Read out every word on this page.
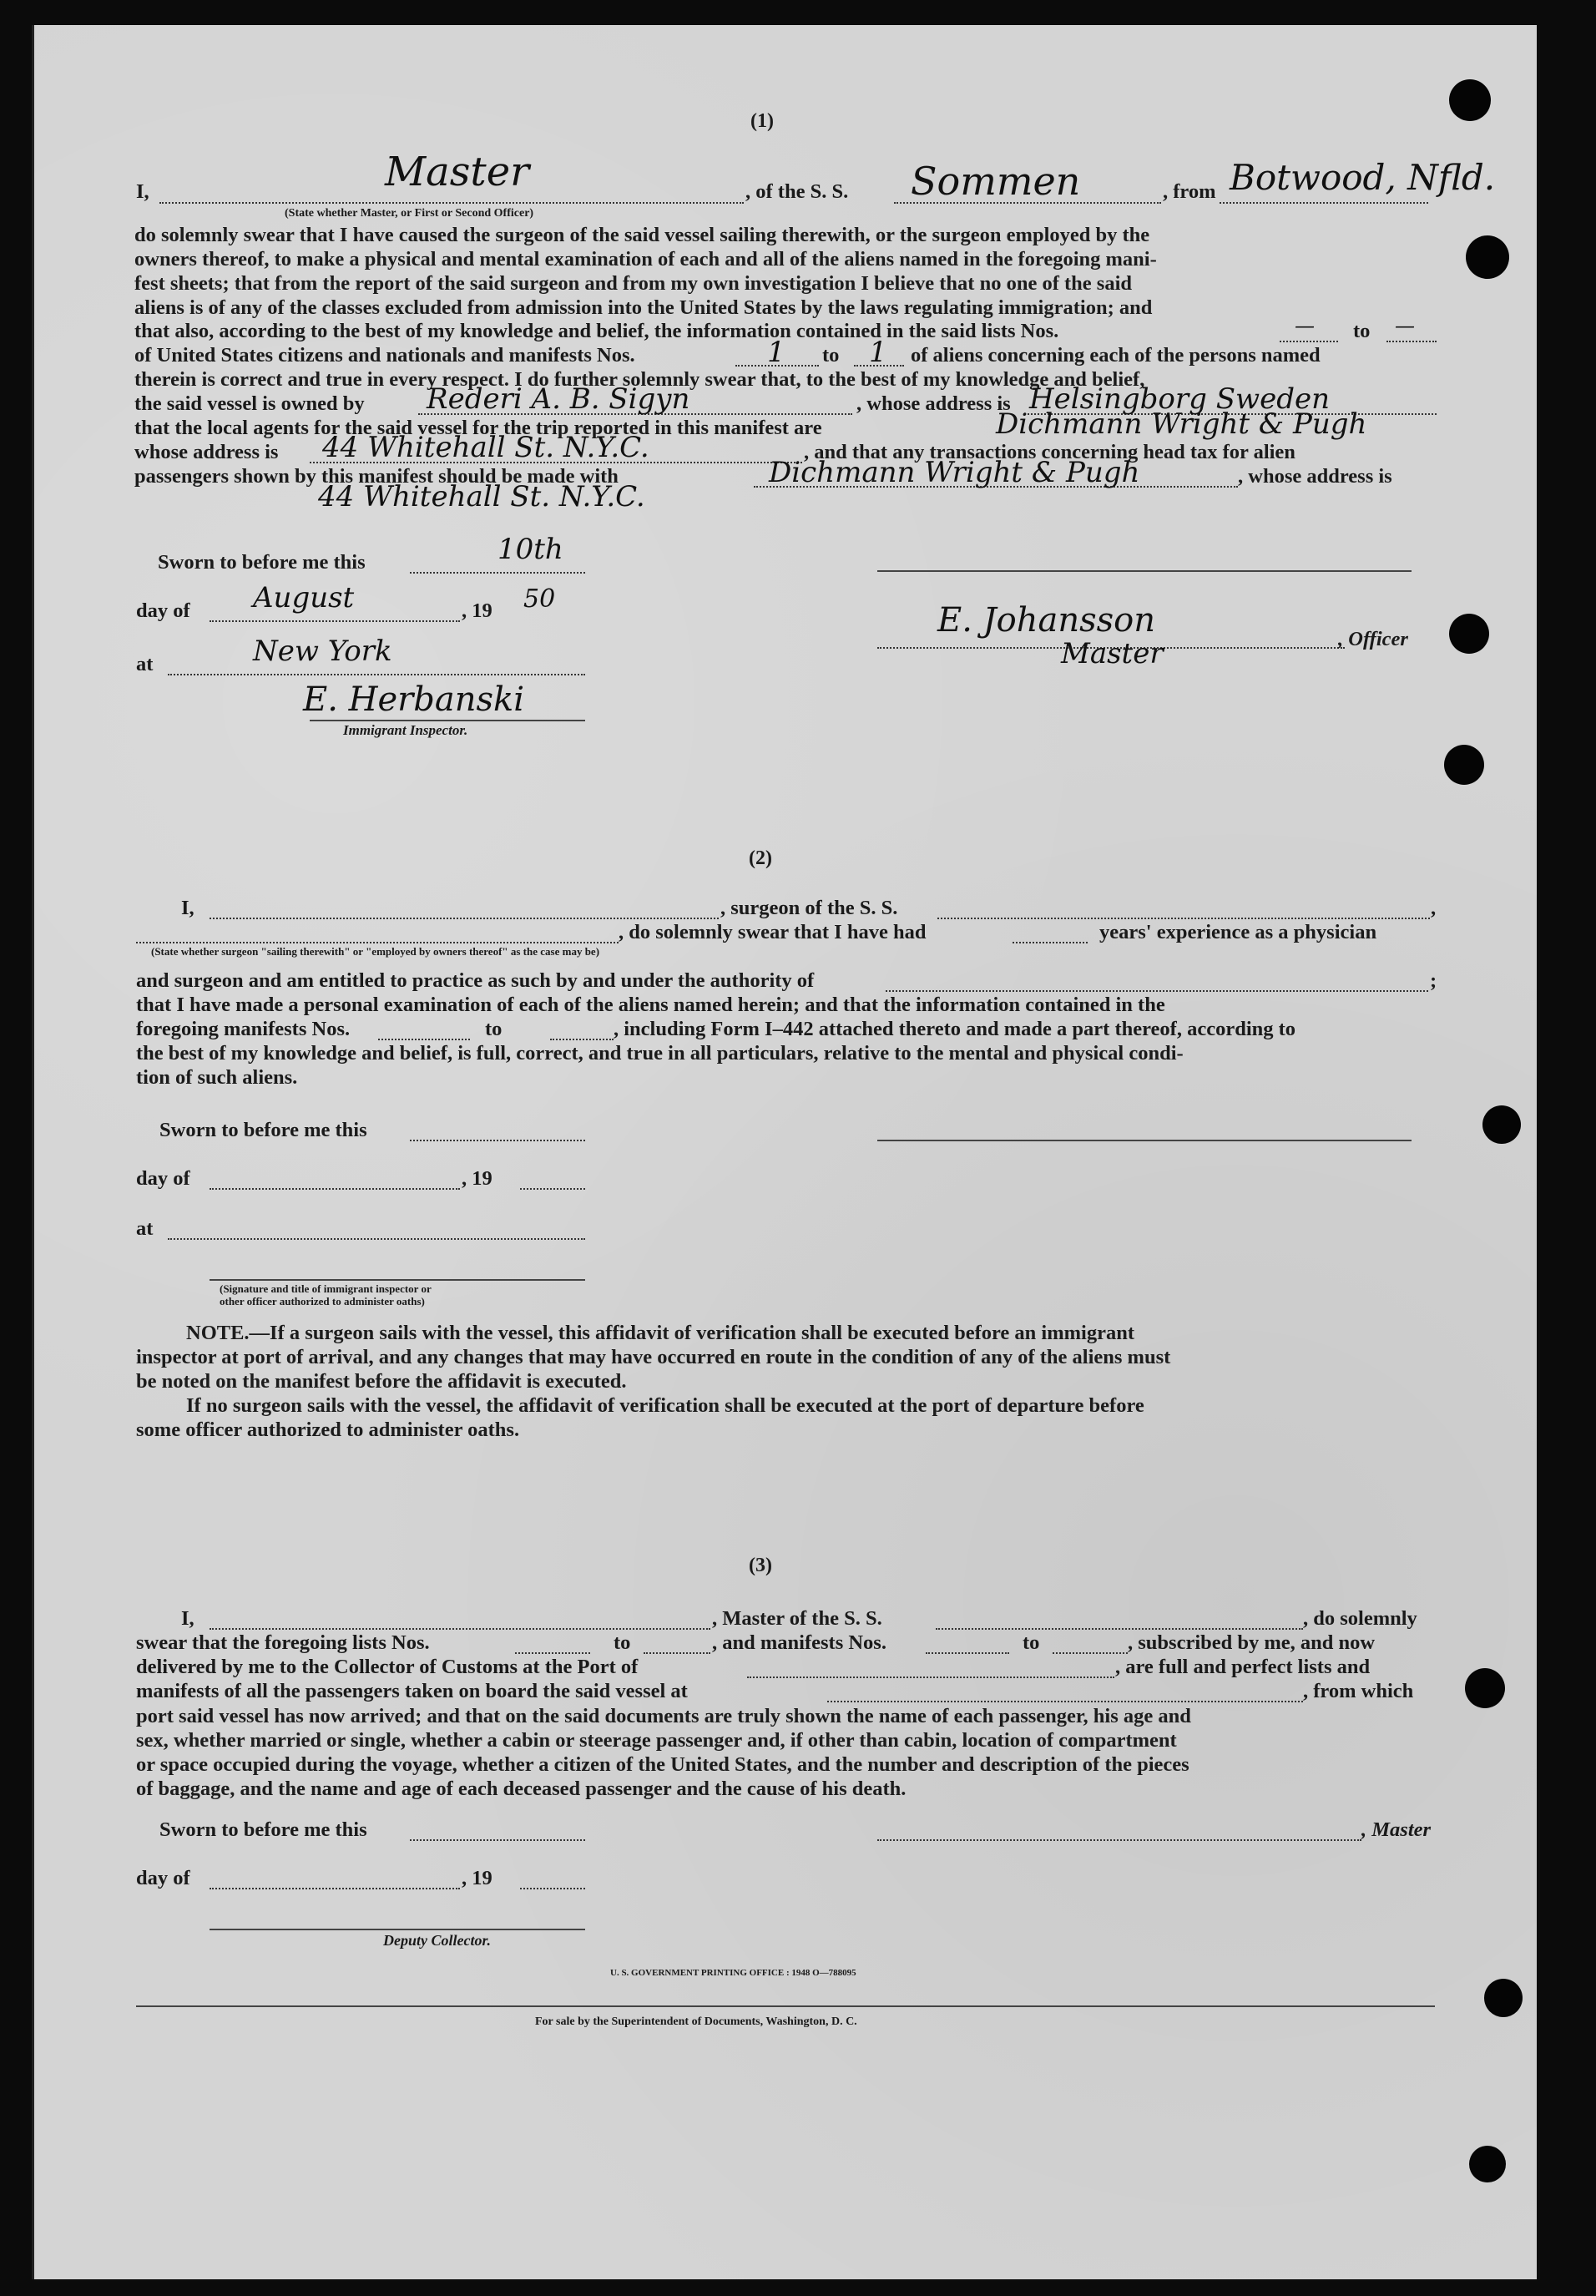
(1)
I,	Master
(State whether Master, or First or Second Officer)
, of the S. S. Sommen	, from Botwood, Nfld.

do solemnly swear that I have caused the surgeon of the said vessel sailing therewith, or the surgeon employed by the

owners thereof, to make a physical and mental examination of each and all of the aliens named in the foregoing mani-

fest sheets; that from the report of the said surgeon and from my own investigation I believe that no one of the said

aliens is of any of the classes excluded from admission into the United States by the laws regulating immigration; and

that also, according to the best of my knowledge and belief, the information contained in the said lists Nos.	— to —
of United States citizens and nationals and manifests Nos.	1 to 1 of aliens concerning each of the persons named
therein is correct and true in every respect. I do further solemnly swear that, to the best of my knowledge and belief,
the said vessel is owned by Rederi A. B. Sigyn	, whose address is Helsingborg Sweden
that the local agents for the said vessel for the trip reported in this manifest are	Dichmann Wright & Pugh
whose address is 44 Whitehall St. N.Y.C.	, and that any transactions concerning head tax for alien
passengers shown by this manifest should be made with	Dichmann Wright & Pugh	, whose address is
44 Whitehall St. N.Y.C.
Sworn to before me this	10th
day of August	, 19 50
E. Johansson	, Officer
Master
at	New York
E. Herbanski
Immigrant Inspector.
(2)
I,	, surgeon of the S. S.	,
, do solemnly swear that I have had	years' experience as a physician
(State whether surgeon "sailing therewith" or "employed by owners thereof" as the case may be)
and surgeon and am entitled to practice as such by and under the authority of	;
that I have made a personal examination of each of the aliens named herein; and that the information contained in the
foregoing manifests Nos.	to	, including Form I–442 attached thereto and made a part thereof, according to
the best of my knowledge and belief, is full, correct, and true in all particulars, relative to the mental and physical condi-
tion of such aliens.
Sworn to before me this
day of	, 19
at
(Signature and title of immigrant inspector or
other officer authorized to administer oaths)

NOTE.—If a surgeon sails with the vessel, this affidavit of verification shall be executed before an immigrant

inspector at port of arrival, and any changes that may have occurred en route in the condition of any of the aliens must

be noted on the manifest before the affidavit is executed.

If no surgeon sails with the vessel, the affidavit of verification shall be executed at the port of departure before

some officer authorized to administer oaths.

(3)
I,	, Master of the S. S.	, do solemnly
swear that the foregoing lists Nos.	to	, and manifests Nos.	to	, subscribed by me, and now
delivered by me to the Collector of Customs at the Port of	, are full and perfect lists and
manifests of all the passengers taken on board the said vessel at	, from which

port said vessel has now arrived; and that on the said documents are truly shown the name of each passenger, his age and

sex, whether married or single, whether a cabin or steerage passenger and, if other than cabin, location of compartment

or space occupied during the voyage, whether a citizen of the United States, and the number and description of the pieces

of baggage, and the name and age of each deceased passenger and the cause of his death.

Sworn to before me this	, Master
day of	, 19
Deputy Collector.
U. S. GOVERNMENT PRINTING OFFICE : 1948 O—788095
For sale by the Superintendent of Documents, Washington, D. C.
